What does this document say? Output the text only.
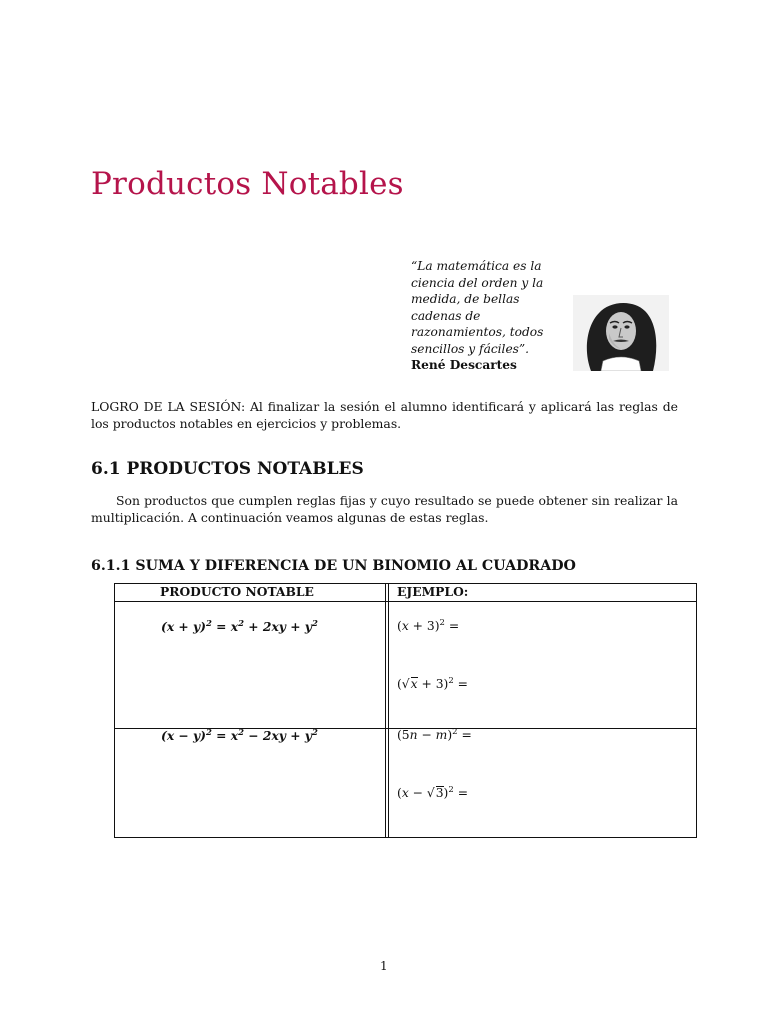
Productos Notables
“La matemática es la ciencia del orden y la medida, de bellas cadenas de razonamientos, todos sencillos y fáciles”.
René Descartes

LOGRO DE LA SESIÓN: Al finalizar la sesión el alumno identificará y aplicará las reglas de los productos notables en ejercicios y problemas.

6.1 PRODUCTOS NOTABLES

Son productos que cumplen reglas fijas y cuyo resultado se puede obtener sin realizar la multiplicación. A continuación veamos algunas de estas reglas.

6.1.1 SUMA Y DIFERENCIA DE UN BINOMIO AL CUADRADO
PRODUCTO NOTABLE	EJEMPLO:
$(x + y)^2 = x^2 + 2xy + y^2$	$(x + 3)^2$ =
$(√x + 3)^2$ =
$(x - y)^2 = x^2 - 2xy + y^2$	$(5n - m)^2$ =
$(x - √3)^2$ =
1
